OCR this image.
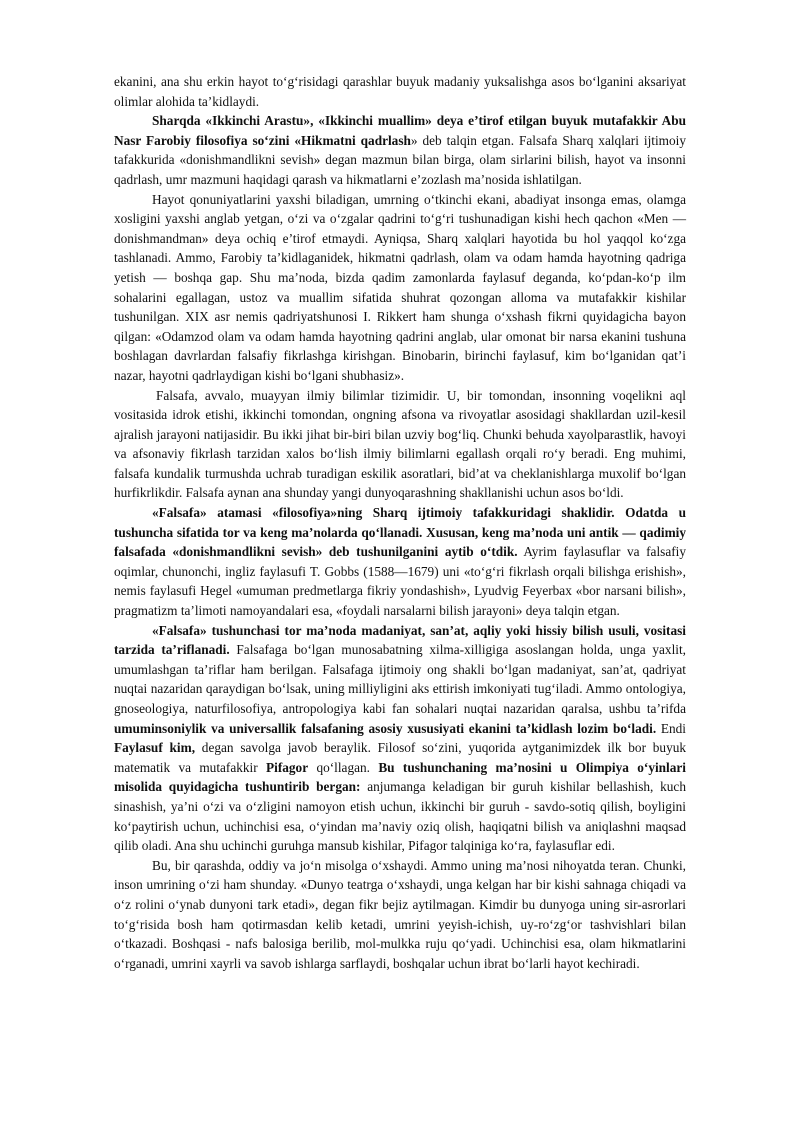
ekanini, ana shu erkin hayot to‘g‘risidagi qarashlar buyuk madaniy yuksalishga asos bo‘lganini aksariyat olimlar alohida ta’kidlaydi.

Sharqda «Ikkinchi Arastu», «Ikkinchi muallim» deya e’tirof etilgan buyuk mutafakkir Abu Nasr Farobiy filosofiya so‘zini «Hikmatni qadrlash» deb talqin etgan. Falsafa Sharq xalqlari ijtimoiy tafakkurida «donishmandlikni sevish» degan mazmun bilan birga, olam sirlarini bilish, hayot va insonni qadrlash, umr mazmuni haqidagi qarash va hikmatlarni e’zozlash ma’nosida ishlatilgan.

Hayot qonuniyatlarini yaxshi biladigan, umrning o‘tkinchi ekani, abadiyat insonga emas, olamga xosligini yaxshi anglab yetgan, o‘zi va o‘zgalar qadrini to‘g‘ri tushunadigan kishi hech qachon «Men — donishmandman» deya ochiq e’tirof etmaydi. Ayniqsa, Sharq xalqlari hayotida bu hol yaqqol ko‘zga tashlanadi. Ammo, Farobiy ta’kidlaganidek, hikmatni qadrlash, olam va odam hamda hayotning qadriga yetish — boshqa gap. Shu ma’noda, bizda qadim zamonlarda faylasuf deganda, ko‘pdan-ko‘p ilm sohalarini egallagan, ustoz va muallim sifatida shuhrat qozongan alloma va mutafakkir kishilar tushunilgan. XIX asr nemis qadriyatshunosi I. Rikkert ham shunga o‘xshash fikrni quyidagicha bayon qilgan: «Odamzod olam va odam hamda hayotning qadrini anglab, ular omonat bir narsa ekanini tushuna boshlagan davrlardan falsafiy fikrlashga kirishgan. Binobarin, birinchi faylasuf, kim bo‘lganidan qat’i nazar, hayotni qadrlaydigan kishi bo‘lgani shubhasiz».

Falsafa, avvalo, muayyan ilmiy bilimlar tizimidir. U, bir tomondan, insonning voqelikni aql vositasida idrok etishi, ikkinchi tomondan, ongning afsona va rivoyatlar asosidagi shakllardan uzil-kesil ajralish jarayoni natijasidir. Bu ikki jihat bir-biri bilan uzviy bog‘liq. Chunki behuda xayolparastlik, havoyi va afsonaviy fikrlash tarzidan xalos bo‘lish ilmiy bilimlarni egallash orqali ro‘y beradi. Eng muhimi, falsafa kundalik turmushda uchrab turadigan eskilik asoratlari, bid’at va cheklanishlarga muxolif bo‘lgan hurfikrlikdir. Falsafa aynan ana shunday yangi dunyoqarashning shakllanishi uchun asos bo‘ldi.

«Falsafa» atamasi «filosofiya»ning Sharq ijtimoiy tafakkuridagi shaklidir. Odatda u tushuncha sifatida tor va keng ma’nolarda qo‘llanadi. Xususan, keng ma’noda uni antik — qadimiy falsafada «donishmandlikni sevish» deb tushunilganini aytib o‘tdik. Ayrim faylasuflar va falsafiy oqimlar, chunonchi, ingliz faylasufi T. Gobbs (1588—1679) uni «to‘g‘ri fikrlash orqali bilishga erishish», nemis faylasufi Hegel «umuman predmetlarga fikriy yondashish», Lyudvig Feyerbax «bor narsani bilish», pragmatizm ta’limoti namoyandalari esa, «foydali narsalarni bilish jarayoni» deya talqin etgan.

«Falsafa» tushunchasi tor ma’noda madaniyat, san’at, aqliy yoki hissiy bilish usuli, vositasi tarzida ta’riflanadi. Falsafaga bo‘lgan munosabatning xilma-xilligiga asoslangan holda, unga yaxlit, umumlashgan ta’riflar ham berilgan. Falsafaga ijtimoiy ong shakli bo‘lgan madaniyat, san’at, qadriyat nuqtai nazaridan qaraydigan bo‘lsak, uning milliyligini aks ettirish imkoniyati tug‘iladi. Ammo ontologiya, gnoseologiya, naturfilosofiya, antropologiya kabi fan sohalari nuqtai nazaridan qaralsa, ushbu ta’rifda umuminsoniylik va universallik falsafaning asosiy xususiyati ekanini ta’kidlash lozim bo‘ladi. Endi Faylasuf kim, degan savolga javob beraylik. Filosof so‘zini, yuqorida aytganimizdek ilk bor buyuk matematik va mutafakkir Pifagor qo‘llagan. Bu tushunchaning ma’nosini u Olimpiya o‘yinlari misolida quyidagicha tushuntirib bergan: anjumanga keladigan bir guruh kishilar bellashish, kuch sinashish, ya’ni o‘zi va o‘zligini namoyon etish uchun, ikkinchi bir guruh - savdo-sotiq qilish, boyligini ko‘paytirish uchun, uchinchisi esa, o‘yindan ma’naviy oziq olish, haqiqatni bilish va aniqlashni maqsad qilib oladi. Ana shu uchinchi guruhga mansub kishilar, Pifagor talqiniga ko‘ra, faylasuflar edi.

Bu, bir qarashda, oddiy va jo‘n misolga o‘xshaydi. Ammo uning ma’nosi nihoyatda teran. Chunki, inson umrining o‘zi ham shunday. «Dunyo teatrga o‘xshaydi, unga kelgan har bir kishi sahnaga chiqadi va o‘z rolini o‘ynab dunyoni tark etadi», degan fikr bejiz aytilmagan. Kimdir bu dunyoga uning sir-asrorlari to‘g‘risida bosh ham qotirmasdan kelib ketadi, umrini yeyish-ichish, uy-ro‘zg‘or tashvishlari bilan o‘tkazadi. Boshqasi - nafs balosiga berilib, mol-mulkka ruju qo‘yadi. Uchinchisi esa, olam hikmatlarini o‘rganadi, umrini xayrli va savob ishlarga sarflaydi, boshqalar uchun ibrat bo‘larli hayot kechiradi.
